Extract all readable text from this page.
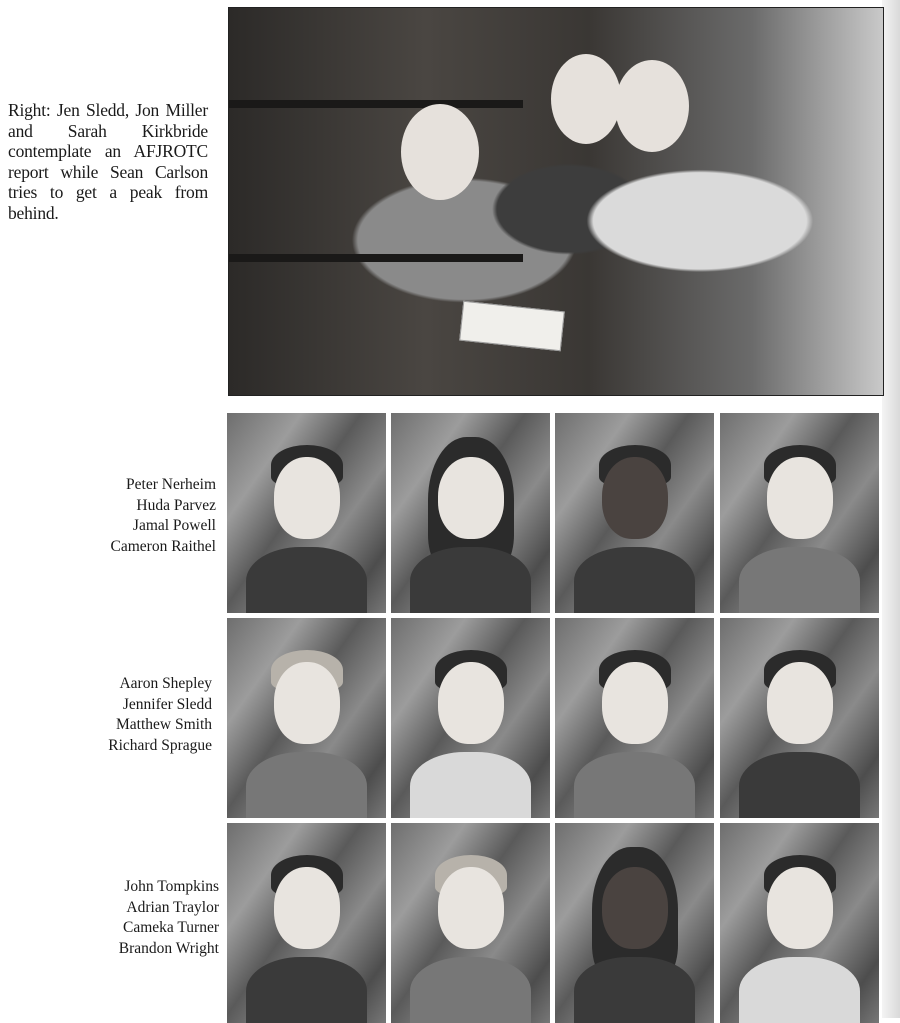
Right: Jen Sledd, Jon Miller and Sarah Kirkbride contemplate an AFJROTC report while Sean Carlson tries to get a peak from behind.

Peter Nerheim
Huda Parvez
Jamal Powell
Cameron Raithel
Aaron Shepley
Jennifer Sledd
Matthew Smith
Richard Sprague
John Tompkins
Adrian Traylor
Cameka Turner
Brandon Wright
